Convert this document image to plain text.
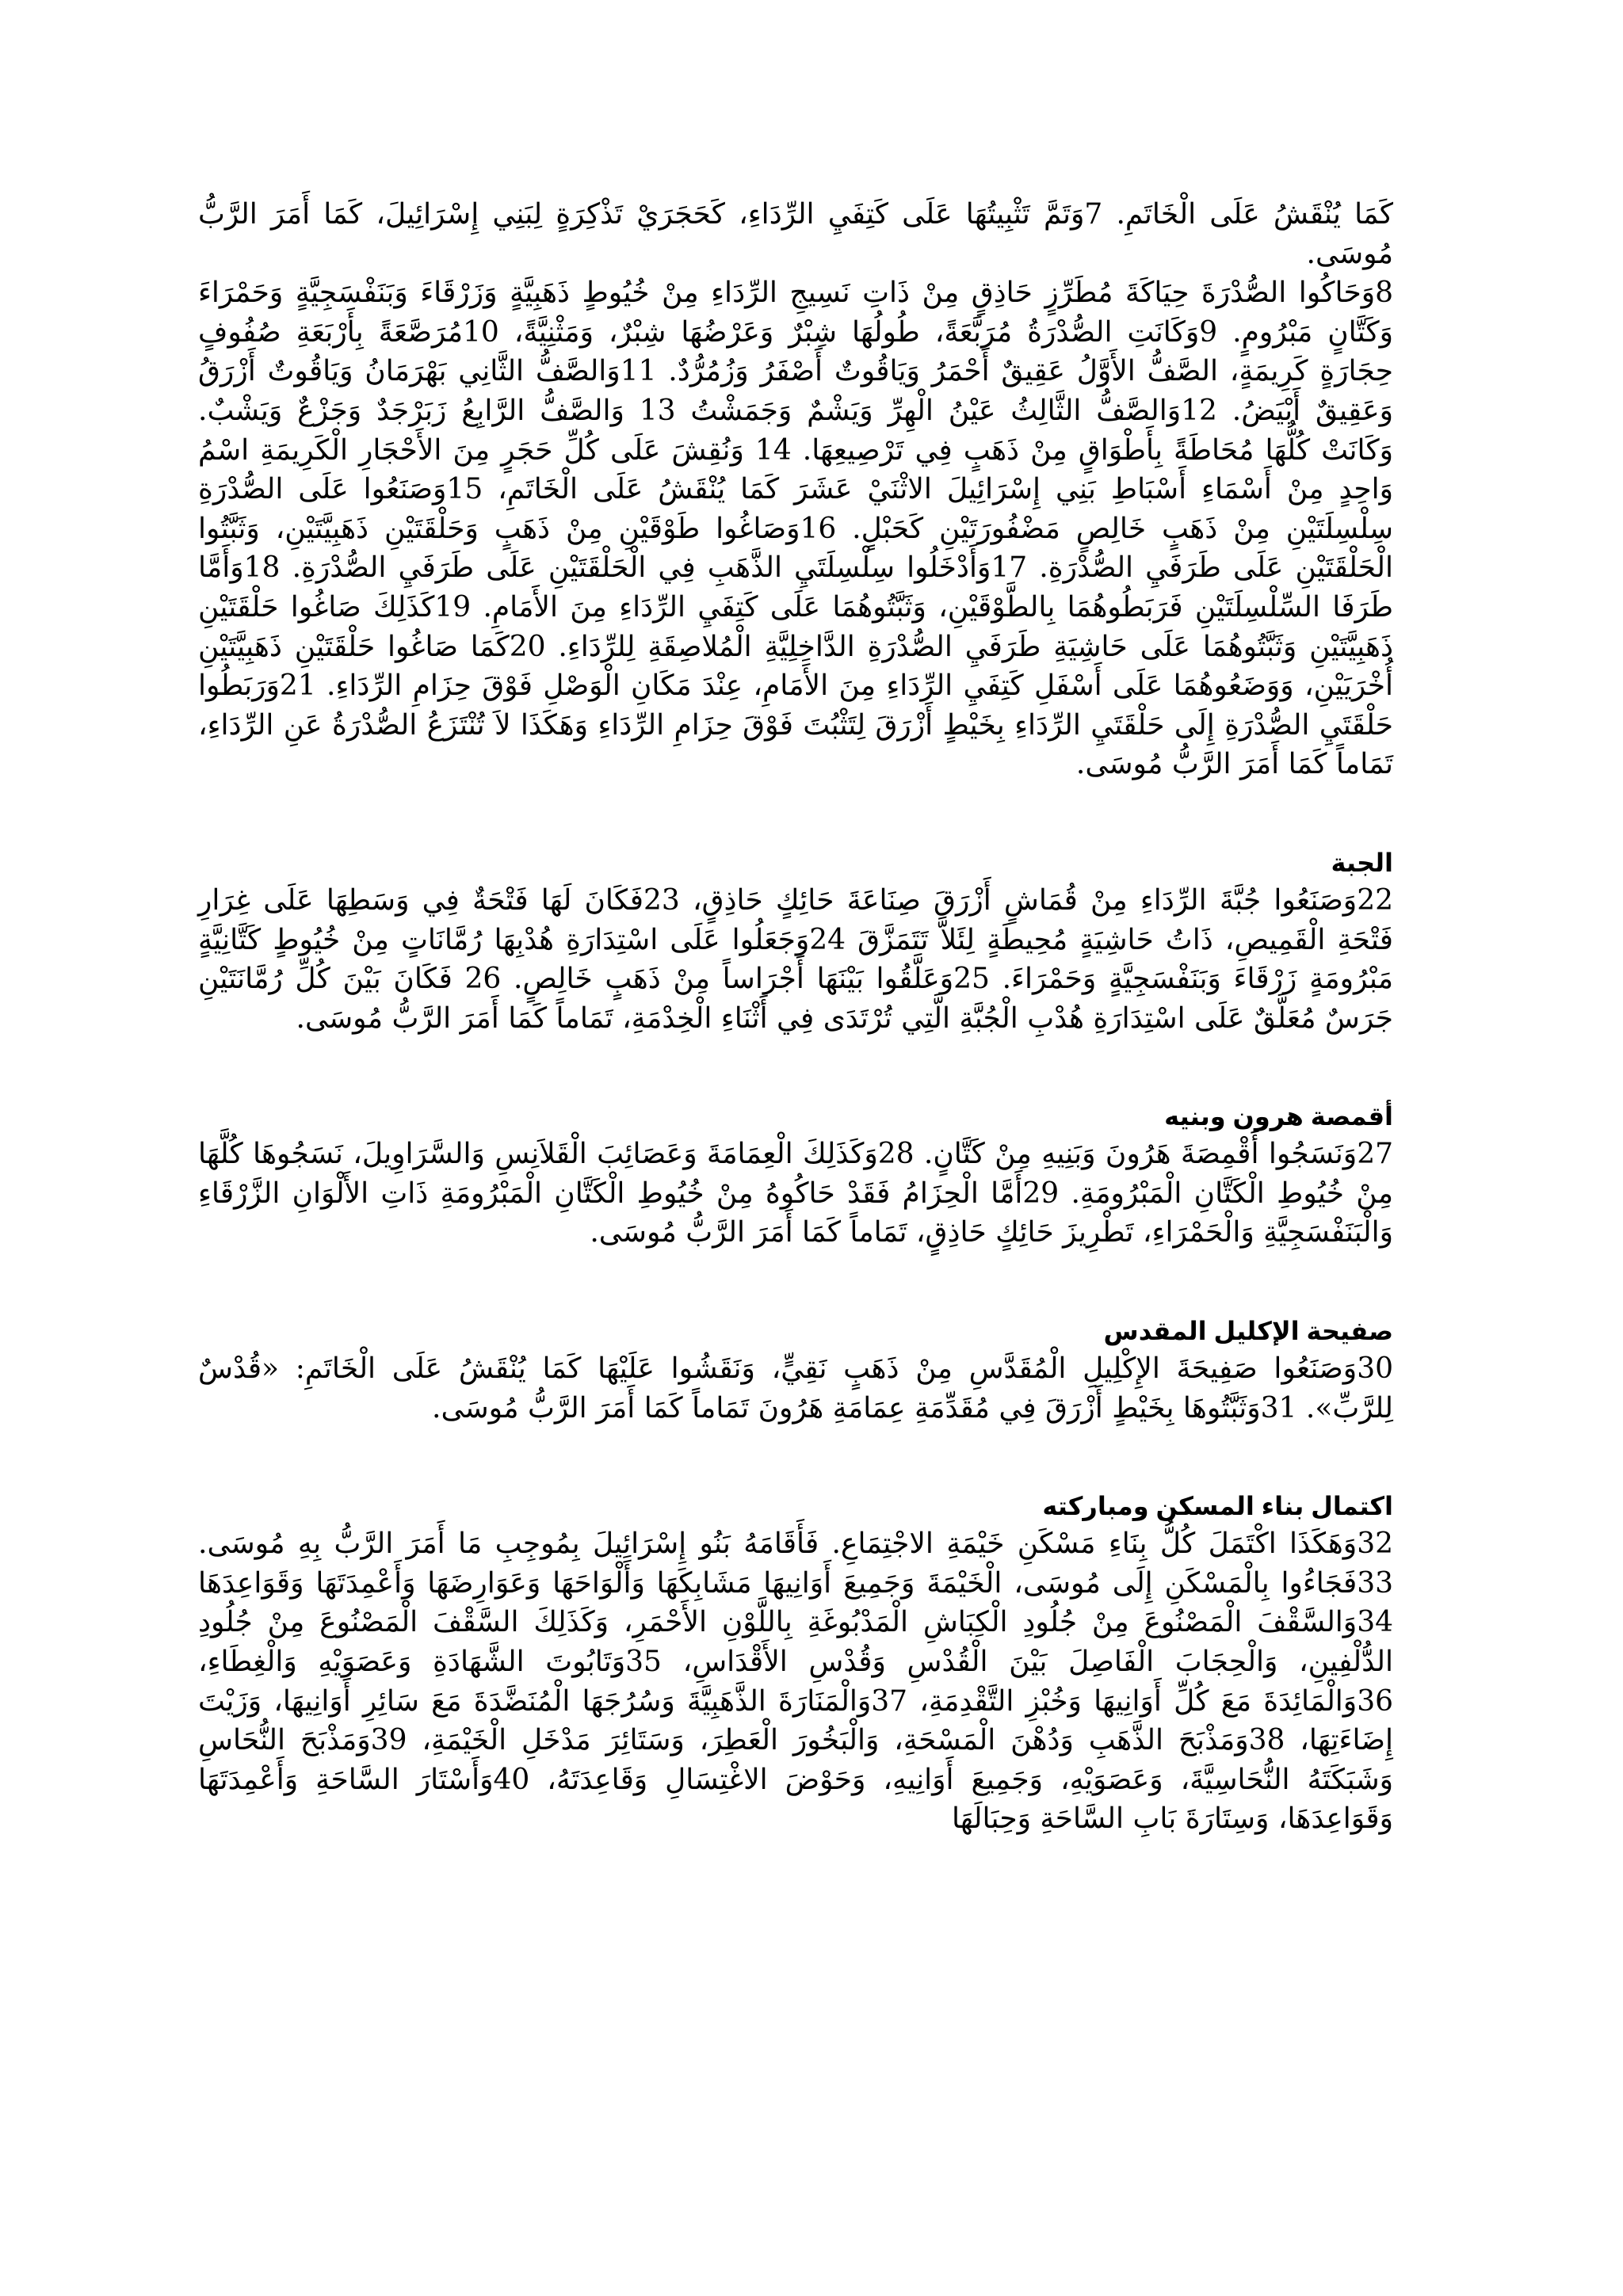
كَمَا يُنْقَشُ عَلَى الْخَاتَمِ. 7وَتَمَّ تَثْبِيتُهَا عَلَى كَتِفَيِ الرِّدَاءِ، كَحَجَرَيْ تَذْكِرَةٍ لِبَنِي إِسْرَائِيلَ، كَمَا أَمَرَ الرَّبُّ مُوسَى.

8وَحَاكُوا الصُّدْرَةَ حِيَاكَةَ مُطَرِّزٍ حَاذِقٍ مِنْ ذَاتِ نَسِيجِ الرِّدَاءِ مِنْ خُيُوطٍ ذَهَبِيَّةٍ وَزَرْقَاءَ وَبَنَفْسَجِيَّةٍ وَحَمْرَاءَ وَكَتَّانٍ مَبْرُومٍ. 9وَكَانَتِ الصُّدْرَةُ مُرَبَّعَةً، طُولُهَا شِبْرٌ وَعَرْضُهَا شِبْرٌ، وَمَثْنِيَّةً، 10مُرَصَّعَةً بِأَرْبَعَةِ صُفُوفٍ حِجَارَةٍ كَرِيمَةٍ، الصَّفُّ الأَوَّلُ عَقِيقٌ أَحْمَرُ وَيَاقُوتٌ أَصْفَرُ وَزُمُرُّدٌ. 11وَالصَّفُّ الثَّانِي بَهْرَمَانُ وَيَاقُوتٌ أَزْرَقُ وَعَقِيقٌ أَبْيَضُ. 12وَالصَّفُّ الثَّالِثُ عَيْنُ الْهِرِّ وَيَشْمٌ وَجَمَشْتُ 13 وَالصَّفُّ الرَّابِعُ زَبَرْجَدٌ وَجَزْعٌ وَيَشْبٌ. وَكَانَتْ كُلُّهَا مُحَاطَةً بِأَطْوَاقٍ مِنْ ذَهَبٍ فِي تَرْصِيعِهَا. 14 وَنُقِشَ عَلَى كُلِّ حَجَرٍ مِنَ الأَحْجَارِ الْكَرِيمَةِ اسْمُ وَاحِدٍ مِنْ أَسْمَاءِ أَسْبَاطِ بَنِي إِسْرَائِيلَ الاثْنَيْ عَشَرَ كَمَا يُنْقَشُ عَلَى الْخَاتَمِ، 15وَصَنَعُوا عَلَى الصُّدْرَةِ سِلْسِلَتَيْنِ مِنْ ذَهَبٍ خَالِصٍ مَضْفُورَتَيْنِ كَحَبْلٍ. 16وَصَاغُوا طَوْقَيْنِ مِنْ ذَهَبٍ وَحَلْقَتَيْنِ ذَهَبِيَّتَيْنِ، وَثَبَّتُوا الْحَلْقَتَيْنِ عَلَى طَرَفَيِ الصُّدْرَةِ. 17وَأَدْخَلُوا سِلْسِلَتَيِ الذَّهَبِ فِي الْحَلْقَتَيْنِ عَلَى طَرَفَيِ الصُّدْرَةِ. 18وَأَمَّا طَرَفَا السِّلْسِلَتَيْنِ فَرَبَطُوهُمَا بِالطَّوْقَيْنِ، وَثَبَّتُوهُمَا عَلَى كَتِفَيِ الرِّدَاءِ مِنَ الأَمَامِ. 19كَذَلِكَ صَاغُوا حَلْقَتَيْنِ ذَهَبِيَّتَيْنِ وَثَبَّتُوهُمَا عَلَى حَاشِيَةِ طَرَفَيِ الصُّدْرَةِ الدَّاخِلِيَّةِ الْمُلاصِقَةِ لِلرِّدَاءِ. 20كَمَا صَاغُوا حَلْقَتَيْنِ ذَهَبِيَّتَيْنِ أُخْرَيَيْنِ، وَوَضَعُوهُمَا عَلَى أَسْفَلِ كَتِفَيِ الرِّدَاءِ مِنَ الأَمَامِ، عِنْدَ مَكَانِ الْوَصْلِ فَوْقَ حِزَامِ الرِّدَاءِ. 21وَرَبَطُوا حَلْقَتَيِ الصُّدْرَةِ إِلَى حَلْقَتَيِ الرِّدَاءِ بِخَيْطٍ أَزْرَقَ لِتَثْبُتَ فَوْقَ حِزَامِ الرِّدَاءِ وَهَكَذَا لاَ تُنْتَزَعُ الصُّدْرَةُ عَنِ الرِّدَاءِ، تَمَاماً كَمَا أَمَرَ الرَّبُّ مُوسَى.

الجبة

22وَصَنَعُوا جُبَّةَ الرِّدَاءِ مِنْ قُمَاشٍ أَزْرَقَ صِنَاعَةَ حَائِكٍ حَاذِقٍ، 23فَكَانَ لَهَا فَتْحَةٌ فِي وَسَطِهَا عَلَى غِرَارِ فَتْحَةِ الْقَمِيصِ، ذَاتُ حَاشِيَةٍ مُحِيطَةٍ لِئَلاَّ تَتَمَزَّقَ 24وَجَعَلُوا عَلَى اسْتِدَارَةِ هُدْبِهَا رُمَّانَاتٍ مِنْ خُيُوطٍ كَتَّانِيَّةٍ مَبْرُومَةٍ زَرْقَاءَ وَبَنَفْسَجِيَّةٍ وَحَمْرَاءَ. 25وَعَلَّقُوا بَيْنَهَا أَجْرَاساً مِنْ ذَهَبٍ خَالِصٍ. 26 فَكَانَ بَيْنَ كُلِّ رُمَّانَتَيْنِ جَرَسٌ مُعَلَّقٌ عَلَى اسْتِدَارَةِ هُدْبِ الْجُبَّةِ الَّتِي تُرْتَدَى فِي أَثْنَاءِ الْخِدْمَةِ، تَمَاماً كَمَا أَمَرَ الرَّبُّ مُوسَى.

أقمصة هرون وبنيه

27وَنَسَجُوا أَقْمِصَةَ هَرُونَ وَبَنِيهِ مِنْ كَتَّانٍ. 28وَكَذَلِكَ الْعِمَامَةَ وَعَصَائِبَ الْقَلاَنِسِ وَالسَّرَاوِيلَ، نَسَجُوهَا كُلَّهَا مِنْ خُيُوطِ الْكَتَّانِ الْمَبْرُومَةِ. 29أَمَّا الْحِزَامُ فَقَدْ حَاكُوهُ مِنْ خُيُوطِ الْكَتَّانِ الْمَبْرُومَةِ ذَاتِ الأَلْوَانِ الزَّرْقَاءِ وَالْبَنَفْسَجِيَّةِ وَالْحَمْرَاءِ، تَطْرِيزَ حَائِكٍ حَاذِقٍ، تَمَاماً كَمَا أَمَرَ الرَّبُّ مُوسَى.

صفيحة الإكليل المقدس

30وَصَنَعُوا صَفِيحَةَ الإِكْلِيلِ الْمُقَدَّسِ مِنْ ذَهَبٍ نَقِيٍّ، وَنَقَشُوا عَلَيْهَا كَمَا يُنْقَشُ عَلَى الْخَاتَمِ: «قُدْسٌ لِلرَّبِّ». 31وَثَبَّتُوهَا بِخَيْطٍ أَزْرَقَ فِي مُقَدِّمَةِ عِمَامَةِ هَرُونَ تَمَاماً كَمَا أَمَرَ الرَّبُّ مُوسَى.

اكتمال بناء المسكن ومباركته

32وَهَكَذَا اكْتَمَلَ كُلُّ بِنَاءِ مَسْكَنِ خَيْمَةِ الاجْتِمَاعِ. فَأَقَامَهُ بَنُو إِسْرَائِيلَ بِمُوجِبِ مَا أَمَرَ الرَّبُّ بِهِ مُوسَى. 33فَجَاءُوا بِالْمَسْكَنِ إِلَى مُوسَى، الْخَيْمَةَ وَجَمِيعَ أَوَانِيهَا مَشَابِكَهَا وَأَلْوَاحَهَا وَعَوَارِضَهَا وَأَعْمِدَتَهَا وَقَوَاعِدَهَا 34وَالسَّقْفَ الْمَصْنُوعَ مِنْ جُلُودِ الْكِبَاشِ الْمَدْبُوغَةِ بِاللَّوْنِ الأَحْمَرِ، وَكَذَلِكَ السَّقْفَ الْمَصْنُوعَ مِنْ جُلُودِ الدُّلْفِينِ، وَالْحِجَابَ الْفَاصِلَ بَيْنَ الْقُدْسِ وَقُدْسِ الأَقْدَاسِ، 35وَتَابُوتَ الشَّهَادَةِ وَعَصَوَيْهِ وَالْغِطَاءِ، 36وَالْمَائِدَةَ مَعَ كُلِّ أَوَانِيهَا وَخُبْزِ التَّقْدِمَةِ، 37وَالْمَنَارَةَ الذَّهَبِيَّةَ وَسُرُجَهَا الْمُنَضَّدَةَ مَعَ سَائِرِ أَوَانِيهَا، وَزَيْتَ إِضَاءَتِهَا، 38وَمَذْبَحَ الذَّهَبِ وَدُهْنَ الْمَسْحَةِ، وَالْبَخُورَ الْعَطِرَ، وَسَتَائِرَ مَدْخَلِ الْخَيْمَةِ، 39وَمَذْبَحَ النُّحَاسِ وَشَبَكَتَهُ النُّحَاسِيَّةَ، وَعَصَوَيْهِ، وَجَمِيعَ أَوَانِيهِ، وَحَوْضَ الاغْتِسَالِ وَقَاعِدَتَهُ، 40وَأَسْتَارَ السَّاحَةِ وَأَعْمِدَتَهَا وَقَوَاعِدَهَا، وَسِتَارَةَ بَابِ السَّاحَةِ وَحِبَالَهَا
